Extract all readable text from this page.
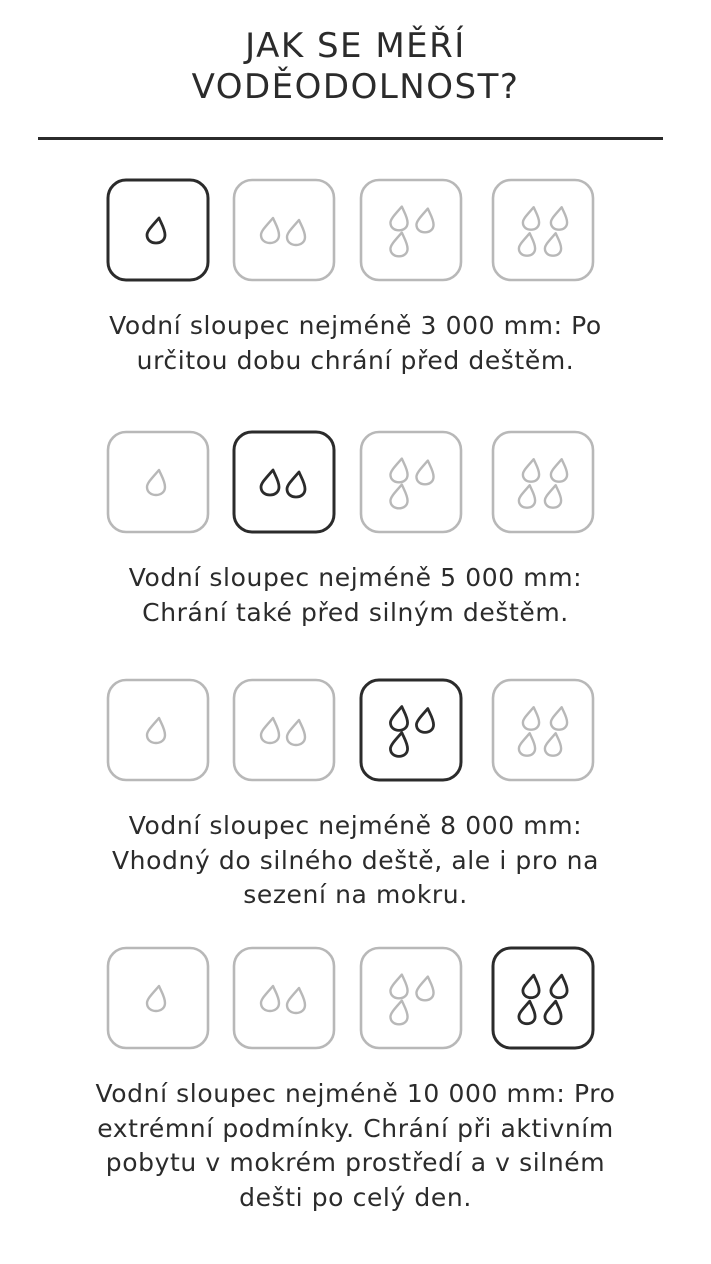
JAK SE MĚŘÍ
VODĚODOLNOST?

Vodní sloupec nejméně 3 000 mm: Po
určitou dobu chrání před deštěm.

Vodní sloupec nejméně 5 000 mm:
Chrání také před silným deštěm.

Vodní sloupec nejméně 8 000 mm:
Vhodný do silného deště, ale i pro na
sezení na mokru.

Vodní sloupec nejméně 10 000 mm: Pro
extrémní podmínky. Chrání při aktivním
pobytu v mokrém prostředí a v silném
dešti po celý den.
